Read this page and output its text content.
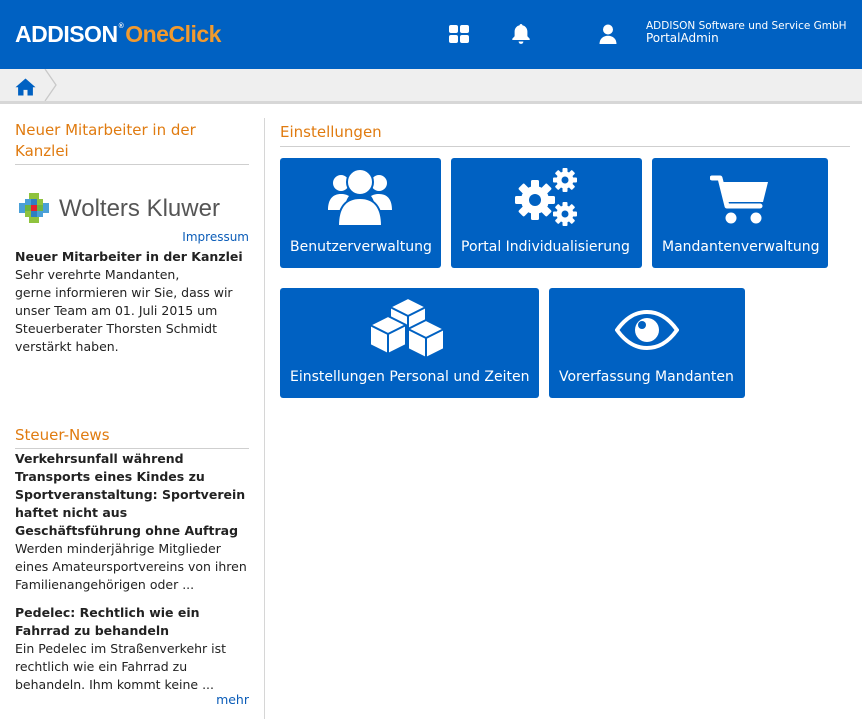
ADDISON®OneClick	ADDISON Software und Service GmbH
PortalAdmin
Neuer Mitarbeiter in der Kanzlei
Wolters Kluwer
Impressum
Neuer Mitarbeiter in der Kanzlei
Sehr verehrte Mandanten,
gerne informieren wir Sie, dass wir unser Team am 01. Juli 2015 um Steuerberater Thorsten Schmidt verstärkt haben.
Steuer-News
Verkehrsunfall während Transports eines Kindes zu Sportveranstaltung: Sportverein haftet nicht aus Geschäftsführung ohne Auftrag
Werden minderjährige Mitglieder eines Amateursportvereins von ihren Familienangehörigen oder ...
Pedelec: Rechtlich wie ein Fahrrad zu behandeln
Ein Pedelec im Straßenverkehr ist rechtlich wie ein Fahrrad zu behandeln. Ihm kommt keine ...
mehr
Einstellungen
Benutzerverwaltung Portal Individualisierung Mandantenverwaltung
Einstellungen Personal und Zeiten Vorerfassung Mandanten
